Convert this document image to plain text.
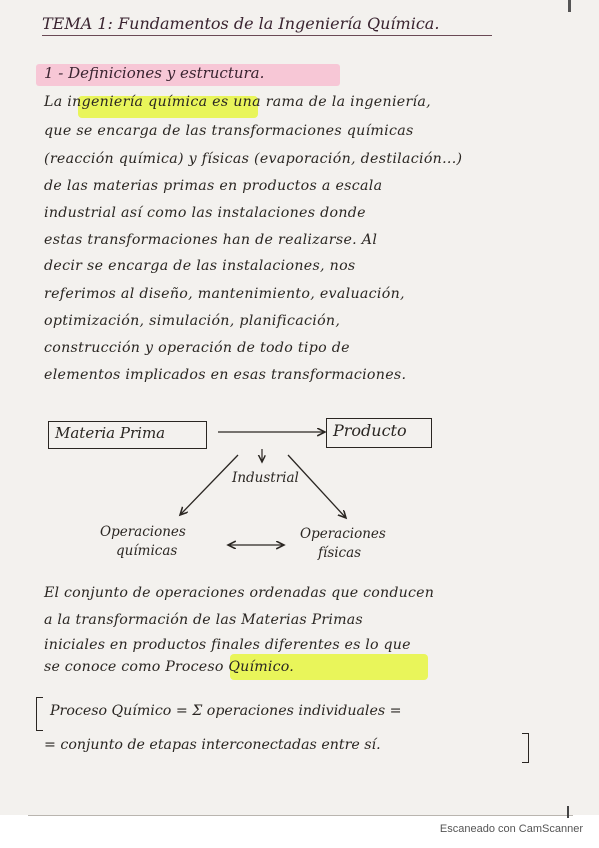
TEMA 1: Fundamentos de la Ingeniería Química.
1 - Definiciones y estructura.
La ingeniería química es una rama de la ingeniería,
que se encarga de las transformaciones químicas
(reacción química) y físicas (evaporación, destilación...)
de las materias primas en productos a escala
industrial así como las instalaciones donde
estas transformaciones han de realizarse. Al
decir se encarga de las instalaciones, nos
referimos al diseño, mantenimiento, evaluación,
optimización, simulación, planificación,
construcción y operación de todo tipo de
elementos implicados en esas transformaciones.
Materia Prima	Producto
Industrial
Operaciones
químicas
Operaciones
físicas
El conjunto de operaciones ordenadas que conducen
a la transformación de las Materias Primas
iniciales en productos finales diferentes es lo que
se conoce como Proceso Químico.
Proceso Químico = Σ operaciones individuales =
= conjunto de etapas interconectadas entre sí.
Escaneado con CamScanner
